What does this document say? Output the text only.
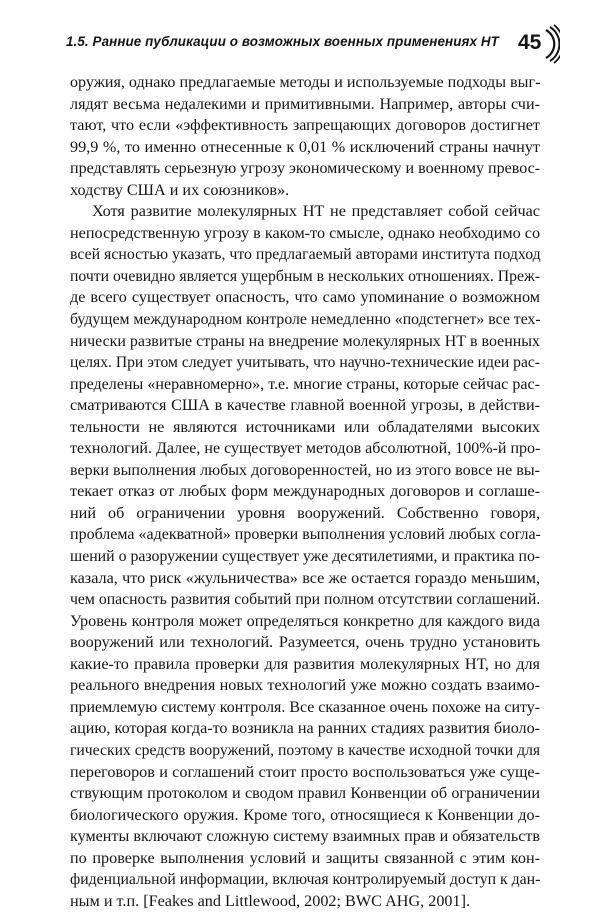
1.5. Ранние публикации о возможных военных применениях НТ 45
оружия, однако предлагаемые методы и используемые подходы выг-
лядят весьма недалекими и примитивными. Например, авторы счи-
тают, что если «эффективность запрещающих договоров достигнет
99,9 %, то именно отнесенные к 0,01 % исключений страны начнут
представлять серьезную угрозу экономическому и военному превос-
ходству США и их союзников».
Хотя развитие молекулярных НТ не представляет собой сейчас
непосредственную угрозу в каком-то смысле, однако необходимо со
всей ясностью указать, что предлагаемый авторами института подход
почти очевидно является ущербным в нескольких отношениях. Преж-
де всего существует опасность, что само упоминание о возможном
будущем международном контроле немедленно «подстегнет» все тех-
нически развитые страны на внедрение молекулярных НТ в военных
целях. При этом следует учитывать, что научно-технические идеи рас-
пределены «неравномерно», т.е. многие страны, которые сейчас рас-
сматриваются США в качестве главной военной угрозы, в действи-
тельности не являются источниками или обладателями высоких
технологий. Далее, не существует методов абсолютной, 100%-й про-
верки выполнения любых договоренностей, но из этого вовсе не вы-
текает отказ от любых форм международных договоров и соглаше-
ний об ограничении уровня вооружений. Собственно говоря,
проблема «адекватной» проверки выполнения условий любых согла-
шений о разоружении существует уже десятилетиями, и практика по-
казала, что риск «жульничества» все же остается гораздо меньшим,
чем опасность развития событий при полном отсутствии соглашений.
Уровень контроля может определяться конкретно для каждого вида
вооружений или технологий. Разумеется, очень трудно установить
какие-то правила проверки для развития молекулярных НТ, но для
реального внедрения новых технологий уже можно создать взаимо-
приемлемую систему контроля. Все сказанное очень похоже на ситу-
ацию, которая когда-то возникла на ранних стадиях развития биоло-
гических средств вооружений, поэтому в качестве исходной точки для
переговоров и соглашений стоит просто воспользоваться уже суще-
ствующим протоколом и сводом правил Конвенции об ограничении
биологического оружия. Кроме того, относящиеся к Конвенции до-
кументы включают сложную систему взаимных прав и обязательств
по проверке выполнения условий и защиты связанной с этим кон-
фиденциальной информации, включая контролируемый доступ к дан-
ным и т.п. [Feakes and Littlewood, 2002; BWC AHG, 2001].
